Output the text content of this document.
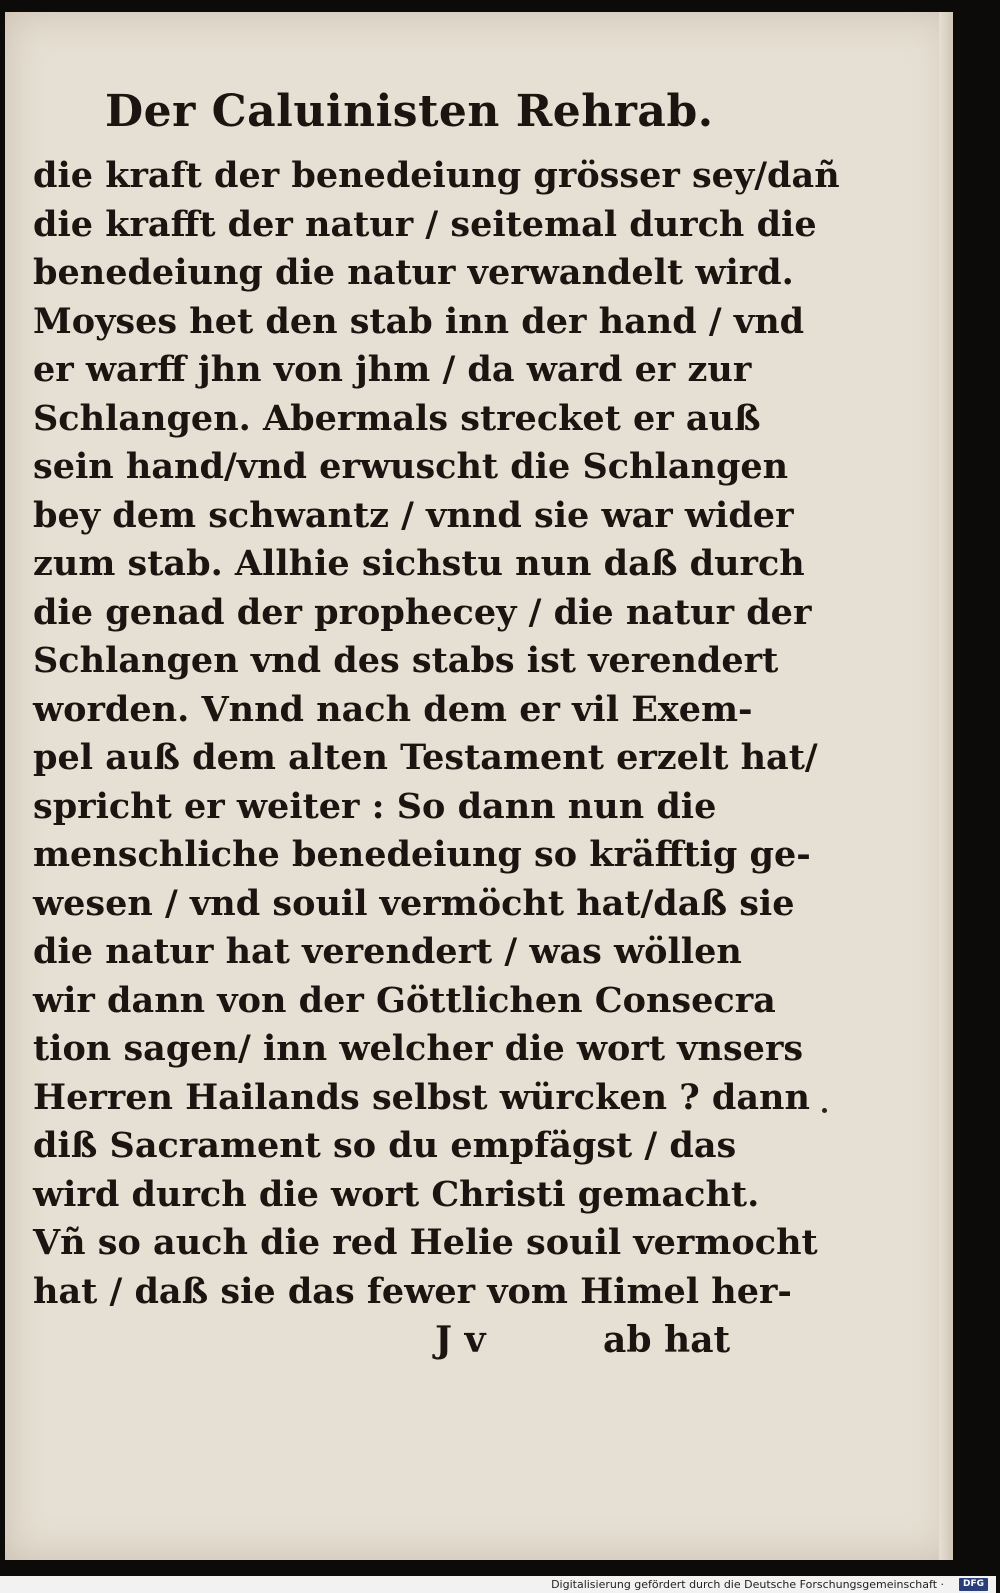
Der Caluinisten Rehrab.
die kraft der benedeiung grösser sey/dañ
die krafft der natur / seitemal durch die
benedeiung die natur verwandelt wird.
Moyses het den stab inn der hand / vnd
er warff jhn von jhm / da ward er zur
Schlangen. Abermals strecket er auß
sein hand/vnd erwuscht die Schlangen
bey dem schwantz / vnnd sie war wider
zum stab. Allhie sichstu nun daß durch
die genad der prophecey / die natur der
Schlangen vnd des stabs ist verendert
worden. Vnnd nach dem er vil Exem-
pel auß dem alten Testament erzelt hat/
spricht er weiter : So dann nun die
menschliche benedeiung so kräfftig ge-
wesen / vnd souil vermöcht hat/daß sie
die natur hat verendert / was wöllen
wir dann von der Göttlichen Consecra
tion sagen/ inn welcher die wort vnsers
Herren Hailands selbst würcken ? dann
diß Sacrament so du empfägst / das
wird durch die wort Christi gemacht.
Vñ so auch die red Helie souil vermocht
hat / daß sie das fewer vom Himel her-
J v	ab hat
Digitalisierung gefördert durch die Deutsche Forschungsgemeinschaft ·	DFG
